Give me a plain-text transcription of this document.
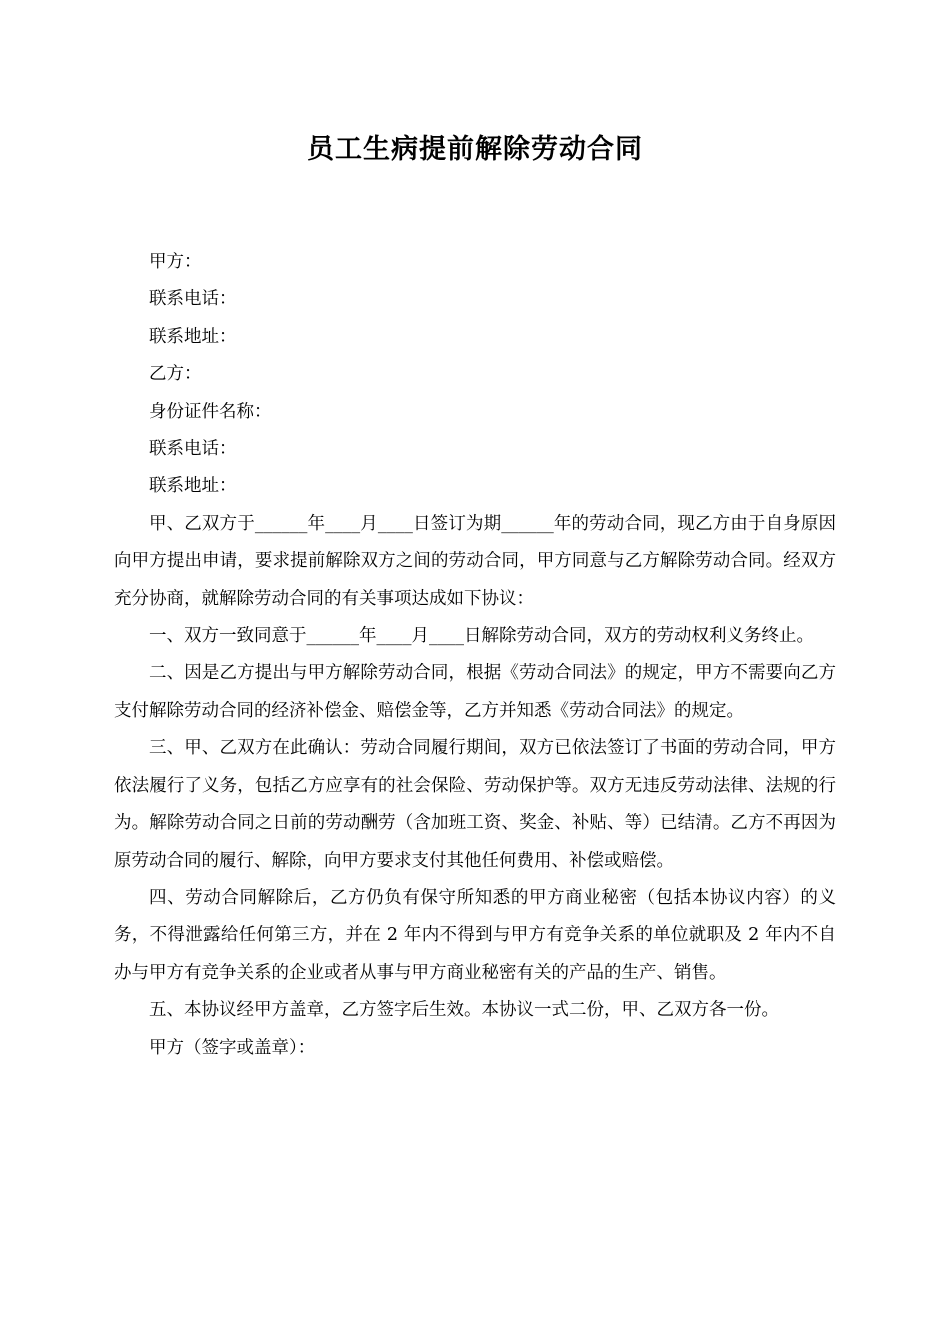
员工生病提前解除劳动合同

甲方：

联系电话：

联系地址：

乙方：

身份证件名称：

联系电话：

联系地址：

甲、乙双方于______年____月____日签订为期______年的劳动合同，现乙方由于自身原因向甲方提出申请，要求提前解除双方之间的劳动合同，甲方同意与乙方解除劳动合同。经双方充分协商，就解除劳动合同的有关事项达成如下协议：

一、双方一致同意于______年____月____日解除劳动合同，双方的劳动权利义务终止。

二、因是乙方提出与甲方解除劳动合同，根据《劳动合同法》的规定，甲方不需要向乙方支付解除劳动合同的经济补偿金、赔偿金等，乙方并知悉《劳动合同法》的规定。

三、甲、乙双方在此确认：劳动合同履行期间，双方已依法签订了书面的劳动合同，甲方依法履行了义务，包括乙方应享有的社会保险、劳动保护等。双方无违反劳动法律、法规的行为。解除劳动合同之日前的劳动酬劳（含加班工资、奖金、补贴、等）已结清。乙方不再因为原劳动合同的履行、解除，向甲方要求支付其他任何费用、补偿或赔偿。

四、劳动合同解除后，乙方仍负有保守所知悉的甲方商业秘密（包括本协议内容）的义务，不得泄露给任何第三方，并在 2 年内不得到与甲方有竞争关系的单位就职及 2 年内不自办与甲方有竞争关系的企业或者从事与甲方商业秘密有关的产品的生产、销售。

五、本协议经甲方盖章，乙方签字后生效。本协议一式二份，甲、乙双方各一份。

甲方（签字或盖章）：
